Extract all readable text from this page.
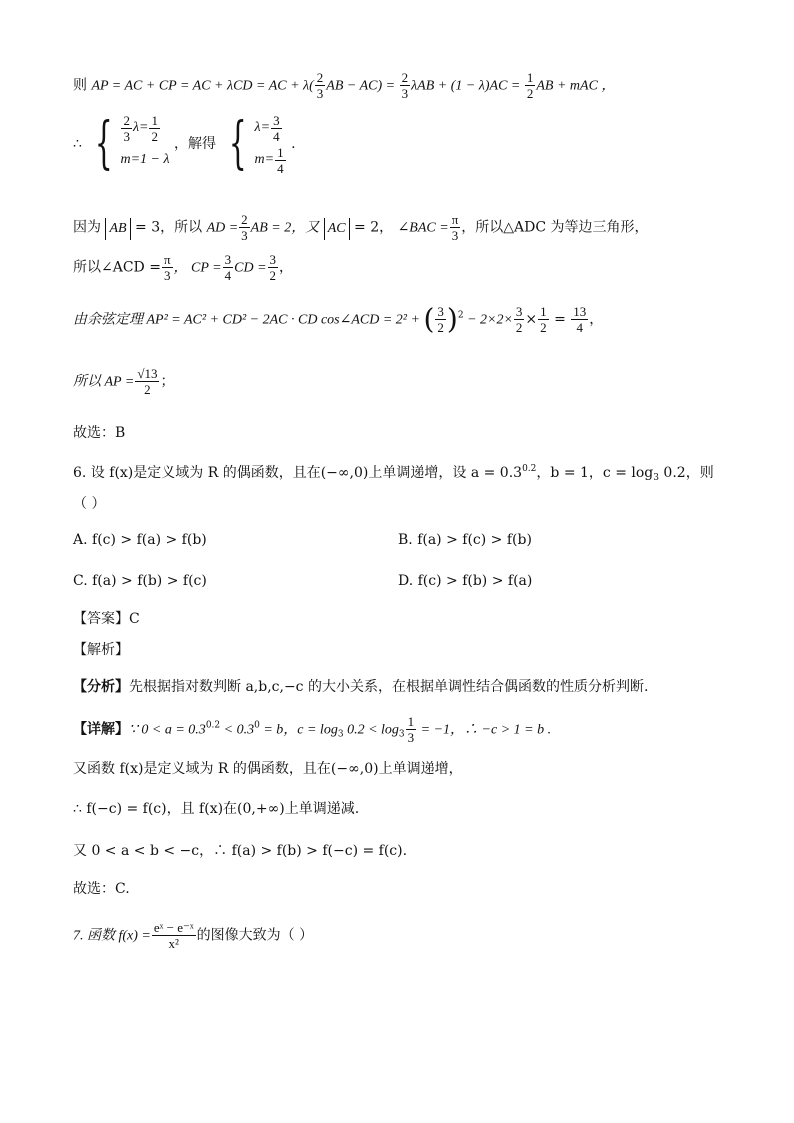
则 AP = AC + CP = AC + λCD = AC + $\lambda( \frac{2}{3}$ AB − $AC) = \frac{2}{3}$ $\lambda AB + (1 - \lambda)AC = \frac{1}{2}$ AB + mAC ，
∴ { $\frac{2}{3} \lambda= \frac{1}{2}$
m=1 − λ
，解得 { $\lambda= \frac{3}{4}$
$m= \frac{1}{4}$
.
因为 AB = 3，所以 AD = $\frac{2}{3}$ AB = 2，又 AC = 2， ∠BAC = $\frac{\pi}{3}$ ，所以△ADC 为等边三角形，
所以∠ACD = $\frac{\pi}{3}$ ， CP = $\frac{3}{4}$ CD = $\frac{3}{2}$ ，
由余弦定理 AP² = AC² + CD² − 2AC · CD cos∠ACD = 2² + ( $\frac{3}{2} )^2 - 2\times 2\times \frac{3}{2} \times \frac{1}{2} = \frac{13}{4}$ ，
所以 AP = $\frac{√13}{2}$ ；
故选：B
6. 设 f(x)是定义域为 R 的偶函数，且在(−∞,0)上单调递增，设 $a = 0.3^{0.2}$，b = 1，$c = \log_3 0.2$，则
（ ）
A. f(c) > f(a) > f(b)	B. f(a) > f(c) > f(b)
C. f(a) > f(b) > f(c)	D. f(c) > f(b) > f(a)
【答案】C
【解析】
【分析】先根据指对数判断 a,b,c,−c 的大小关系，在根据单调性结合偶函数的性质分析判断.
【详解】∵ $0 < a = 0.3^{0.2} < 0.3^0 = b$，$c = \log_3 0.2 < \log_3 \frac{1}{3} = -1$，∴ −c > 1 = b .
又函数 f(x)是定义域为 R 的偶函数，且在(−∞,0)上单调递增，
∴ f(−c) = f(c)，且 f(x)在(0,+∞)上单调递减.
又 0 < a < b < −c，∴ f(a) > f(b) > f(−c) = f(c).
故选：C.
7. 函数 $f(x) = \frac{\text{eˣ − e⁻ˣ}}{\text{x²}}$ 的图像大致为（ ）
